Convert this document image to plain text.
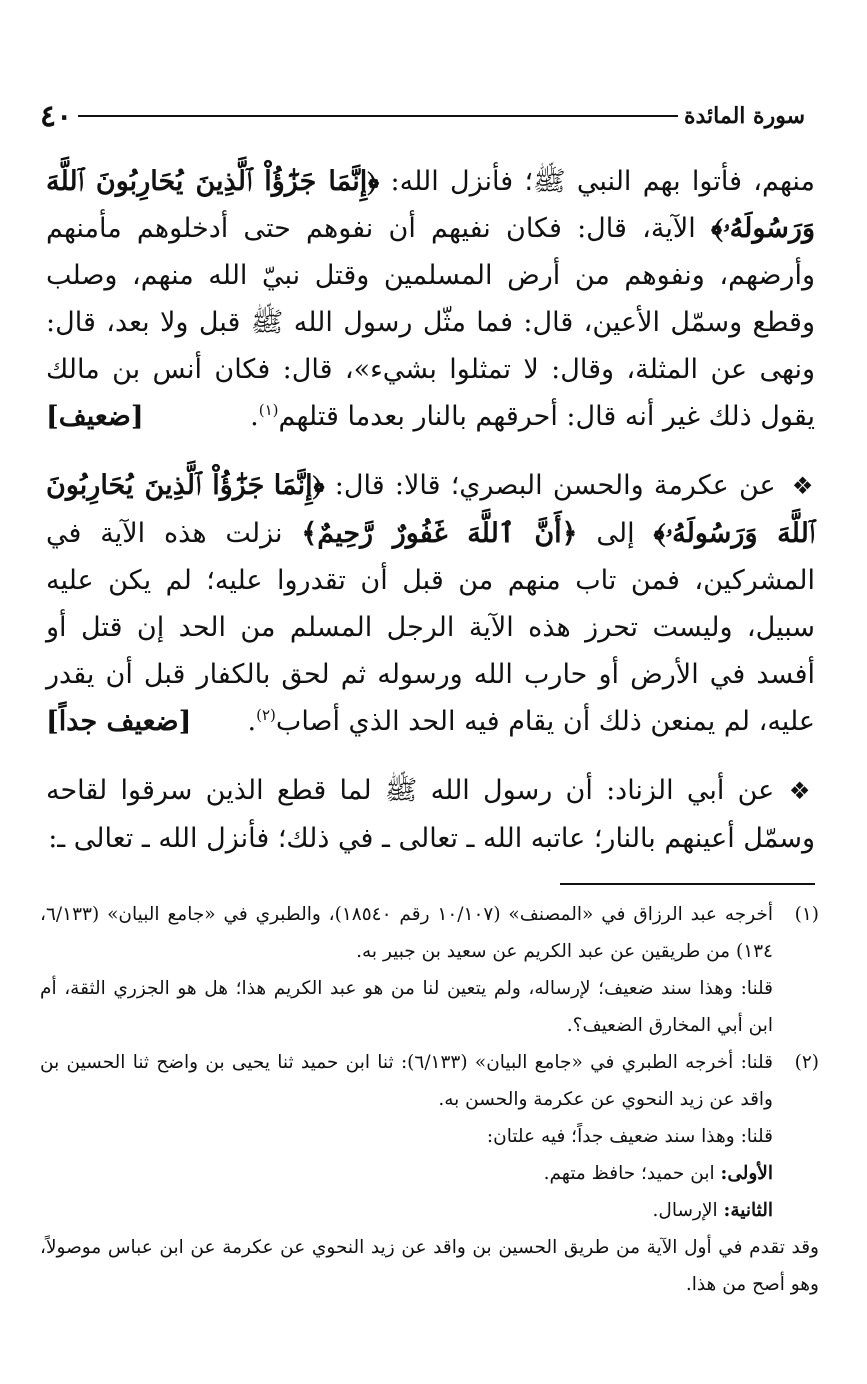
سورة المائدة
٤٠

منهم، فأتوا بهم النبي ﷺ؛ فأنزل الله: ﴿إِنَّمَا جَزَٰٓؤُاْ ٱلَّذِينَ يُحَارِبُونَ ٱللَّهَ وَرَسُولَهُۥ﴾ الآية، قال: فكان نفيهم أن نفوهم حتى أدخلوهم مأمنهم وأرضهم، ونفوهم من أرض المسلمين وقتل نبيّ الله منهم، وصلب وقطع وسمّل الأعين، قال: فما مثّل رسول الله ﷺ قبل ولا بعد، قال: ونهى عن المثلة، وقال: لا تمثلوا بشيء»، قال: فكان أنس بن مالك يقول ذلك غير أنه قال: أحرقهم بالنار بعدما قتلهم$^{(١)}$.
[ضعيف]

❖ عن عكرمة والحسن البصري؛ قالا: قال: ﴿إِنَّمَا جَزَٰٓؤُاْ ٱلَّذِينَ يُحَارِبُونَ ٱللَّهَ وَرَسُولَهُۥ﴾ إلى ﴿أَنَّ ٱللَّهَ غَفُورٌ رَّحِيمٌ﴾ نزلت هذه الآية في المشركين، فمن تاب منهم من قبل أن تقدروا عليه؛ لم يكن عليه سبيل، وليست تحرز هذه الآية الرجل المسلم من الحد إن قتل أو أفسد في الأرض أو حارب الله ورسوله ثم لحق بالكفار قبل أن يقدر عليه، لم يمنعن ذلك أن يقام فيه الحد الذي أصاب$^{(٢)}$.
[ضعيف جداً]

❖ عن أبي الزناد: أن رسول الله ﷺ لما قطع الذين سرقوا لقاحه وسمّل أعينهم بالنار؛ عاتبه الله ـ تعالى ـ في ذلك؛ فأنزل الله ـ تعالى ـ:

(١)

أخرجه عبد الرزاق في «المصنف» (١٠/١٠٧ رقم ١٨٥٤٠)، والطبري في «جامع البيان» (٦/١٣٣، ١٣٤) من طريقين عن عبد الكريم عن سعيد بن جبير به.

قلنا: وهذا سند ضعيف؛ لإرساله، ولم يتعين لنا من هو عبد الكريم هذا؛ هل هو الجزري الثقة، أم ابن أبي المخارق الضعيف؟.

(٢)

قلنا: أخرجه الطبري في «جامع البيان» (٦/١٣٣): ثنا ابن حميد ثنا يحيى بن واضح ثنا الحسين بن واقد عن زيد النحوي عن عكرمة والحسن به.

قلنا: وهذا سند ضعيف جداً؛ فيه علتان:

الأولى: ابن حميد؛ حافظ متهم.

الثانية: الإرسال.

وقد تقدم في أول الآية من طريق الحسين بن واقد عن زيد النحوي عن عكرمة عن ابن عباس موصولاً، وهو أصح من هذا.
